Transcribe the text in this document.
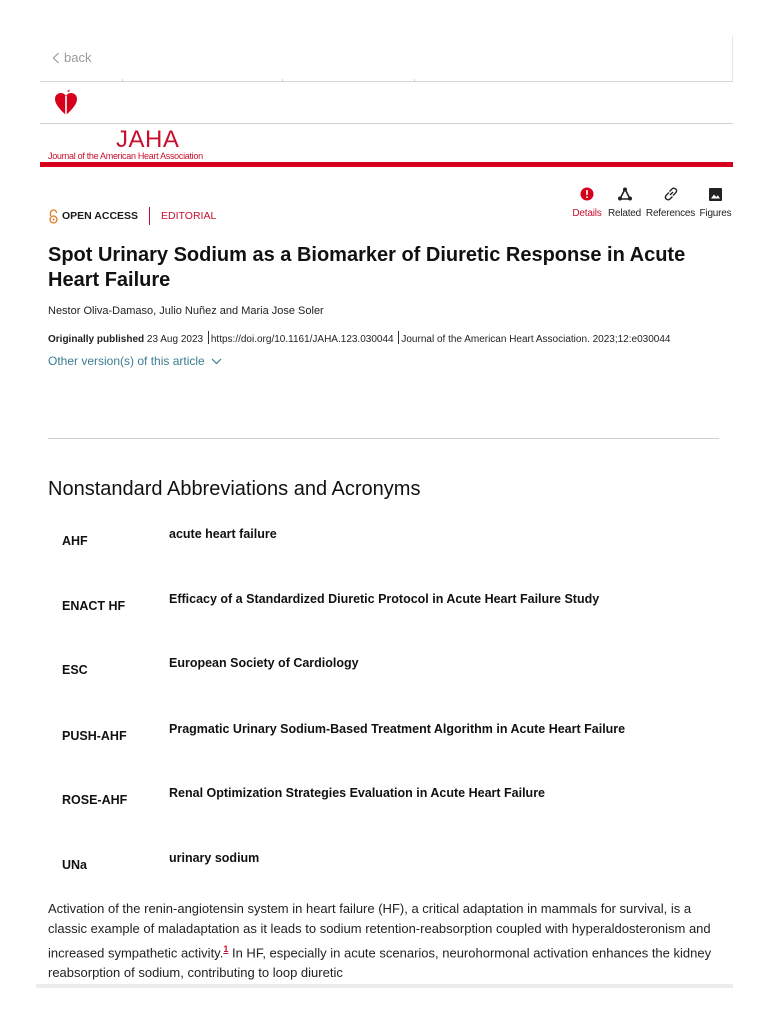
back
JAHA
Journal of the American Heart Association
OPEN ACCESS EDITORIAL	Details Related References Figures
Spot Urinary Sodium as a Biomarker of Diuretic Response in Acute Heart Failure
Nestor Oliva-Damaso, Julio Nuñez and Maria Jose Soler
Originally published 23 Aug 2023 https://doi.org/10.1161/JAHA.123.030044 Journal of the American Heart Association. 2023;12:e030044
Other version(s) of this article
Nonstandard Abbreviations and Acronyms
AHF	acute heart failure
ENACT HF	Efficacy of a Standardized Diuretic Protocol in Acute Heart Failure Study
ESC	European Society of Cardiology
PUSH-AHF	Pragmatic Urinary Sodium-Based Treatment Algorithm in Acute Heart Failure
ROSE-AHF	Renal Optimization Strategies Evaluation in Acute Heart Failure
UNa	urinary sodium

Activation of the renin-angiotensin system in heart failure (HF), a critical adaptation in mammals for survival, is a classic example of maladaptation as it leads to sodium retention-reabsorption coupled with hyperaldosteronism and increased sympathetic activity.$^1$ In HF, especially in acute scenarios, neurohormonal activation enhances the kidney reabsorption of sodium, contributing to loop diuretic
